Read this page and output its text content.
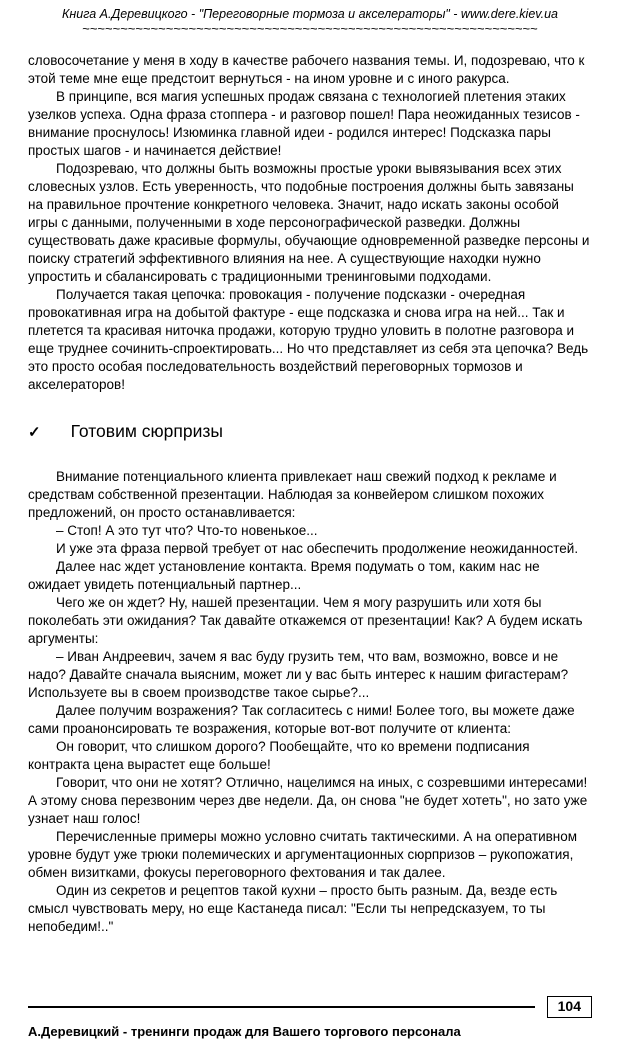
Книга А.Деревицкого - "Переговорные тормоза и акселераторы" - www.dere.kiev.ua
~~~~~~~~~~~~~~~~~~~~~~~~~~~~~~~~~~~~~~~~~~~~~~~~~~~~~~~~~~~~

словосочетание у меня в ходу в качестве рабочего названия темы. И, подозреваю, что к этой теме мне еще предстоит вернуться - на ином уровне и с иного ракурса.

В принципе, вся магия успешных продаж связана с технологией плетения этаких узелков успеха. Одна фраза стоппера - и разговор пошел! Пара неожиданных тезисов - внимание проснулось! Изюминка главной идеи - родился интерес! Подсказка пары простых шагов - и начинается действие!

Подозреваю, что должны быть возможны простые уроки вывязывания всех этих словесных узлов. Есть уверенность, что подобные построения должны быть завязаны на правильное прочтение конкретного человека. Значит, надо искать законы особой игры с данными, полученными в ходе персонографической разведки. Должны существовать даже красивые формулы, обучающие одновременной разведке персоны и поиску стратегий эффективного влияния на нее. А существующие находки нужно упростить и сбалансировать с традиционными тренинговыми подходами.

Получается такая цепочка: провокация - получение подсказки - очередная провокативная игра на добытой фактуре - еще подсказка и снова игра на ней... Так и плетется та красивая ниточка продажи, которую трудно уловить в полотне разговора и еще труднее сочинить-спроектировать... Но что представляет из себя эта цепочка? Ведь это просто особая последовательность воздействий переговорных тормозов и акселераторов!

✓ Готовим сюрпризы

Внимание потенциального клиента привлекает наш свежий подход к рекламе и средствам собственной презентации. Наблюдая за конвейером слишком похожих предложений, он просто останавливается:

– Стоп! А это тут что? Что-то новенькое...

И уже эта фраза первой требует от нас обеспечить продолжение неожиданностей.

Далее нас ждет установление контакта. Время подумать о том, каким нас не ожидает увидеть потенциальный партнер...

Чего же он ждет? Ну, нашей презентации. Чем я могу разрушить или хотя бы поколебать эти ожидания? Так давайте откажемся от презентации! Как? А будем искать аргументы:

– Иван Андреевич, зачем я вас буду грузить тем, что вам, возможно, вовсе и не надо? Давайте сначала выясним, может ли у вас быть интерес к нашим фигастерам? Используете вы в своем производстве такое сырье?...

Далее получим возражения? Так согласитесь с ними! Более того, вы можете даже сами проанонсировать те возражения, которые вот-вот получите от клиента:

Он говорит, что слишком дорого? Пообещайте, что ко времени подписания контракта цена вырастет еще больше!

Говорит, что они не хотят? Отлично, нацелимся на иных, с созревшими интересами! А этому снова перезвоним через две недели. Да, он снова "не будет хотеть", но зато уже узнает наш голос!

Перечисленные примеры можно условно считать тактическими. А на оперативном уровне будут уже трюки полемических и аргументационных сюрпризов – рукопожатия, обмен визитками, фокусы переговорного фехтования и так далее.

Один из секретов и рецептов такой кухни – просто быть разным. Да, везде есть смысл чувствовать меру, но еще Кастанеда писал: "Если ты непредсказуем, то ты непобедим!.."

104
А.Деревицкий - тренинги продаж для Вашего торгового персонала
